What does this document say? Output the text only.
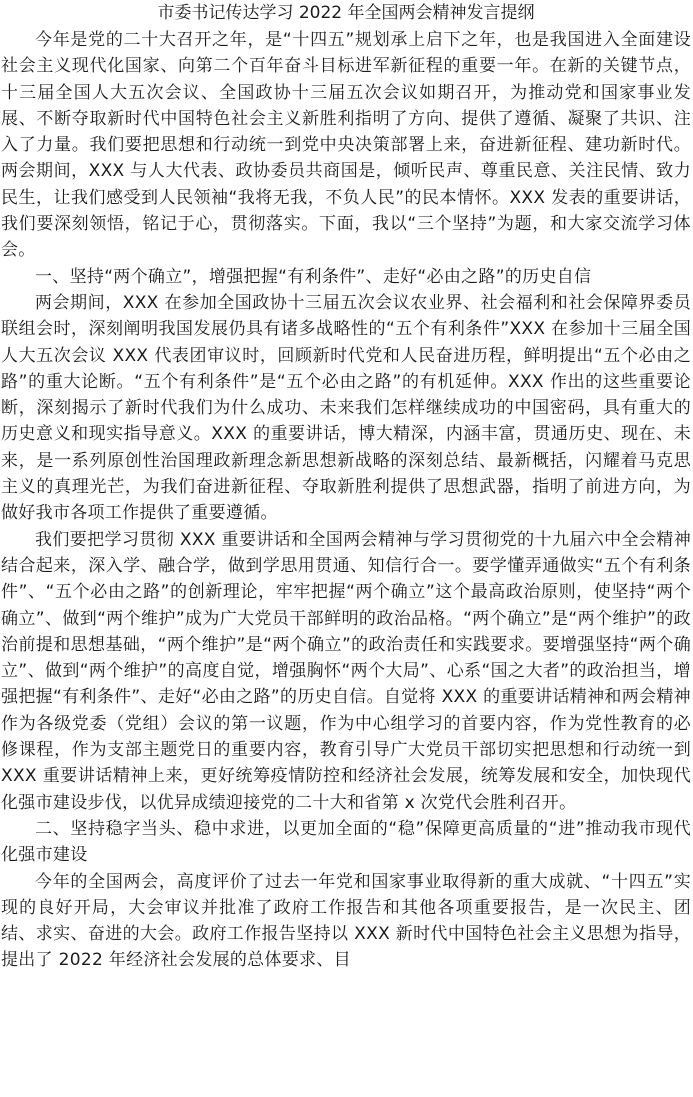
市委书记传达学习 2022 年全国两会精神发言提纲

今年是党的二十大召开之年，是“十四五”规划承上启下之年，也是我国进入全面建设社会主义现代化国家、向第二个百年奋斗目标进军新征程的重要一年。在新的关键节点，十三届全国人大五次会议、全国政协十三届五次会议如期召开，为推动党和国家事业发展、不断夺取新时代中国特色社会主义新胜利指明了方向、提供了遵循、凝聚了共识、注入了力量。我们要把思想和行动统一到党中央决策部署上来，奋进新征程、建功新时代。两会期间，XXX 与人大代表、政协委员共商国是，倾听民声、尊重民意、关注民情、致力民生，让我们感受到人民领袖“我将无我，不负人民”的民本情怀。XXX 发表的重要讲话，我们要深刻领悟，铭记于心，贯彻落实。下面，我以“三个坚持”为题，和大家交流学习体会。

一、坚持“两个确立”，增强把握“有利条件”、走好“必由之路”的历史自信

两会期间，XXX 在参加全国政协十三届五次会议农业界、社会福利和社会保障界委员联组会时，深刻阐明我国发展仍具有诸多战略性的“五个有利条件”XXX 在参加十三届全国人大五次会议 XXX 代表团审议时，回顾新时代党和人民奋进历程，鲜明提出“五个必由之路”的重大论断。“五个有利条件”是“五个必由之路”的有机延伸。XXX 作出的这些重要论断，深刻揭示了新时代我们为什么成功、未来我们怎样继续成功的中国密码，具有重大的历史意义和现实指导意义。XXX 的重要讲话，博大精深，内涵丰富，贯通历史、现在、未来，是一系列原创性治国理政新理念新思想新战略的深刻总结、最新概括，闪耀着马克思主义的真理光芒，为我们奋进新征程、夺取新胜利提供了思想武器，指明了前进方向，为做好我市各项工作提供了重要遵循。

我们要把学习贯彻 XXX 重要讲话和全国两会精神与学习贯彻党的十九届六中全会精神结合起来，深入学、融合学，做到学思用贯通、知信行合一。要学懂弄通做实“五个有利条件”、“五个必由之路”的创新理论，牢牢把握“两个确立”这个最高政治原则，使坚持“两个确立”、做到“两个维护”成为广大党员干部鲜明的政治品格。“两个确立”是“两个维护”的政治前提和思想基础，“两个维护”是“两个确立”的政治责任和实践要求。要增强坚持“两个确立”、做到“两个维护”的高度自觉，增强胸怀“两个大局”、心系“国之大者”的政治担当，增强把握“有利条件”、走好“必由之路”的历史自信。自觉将 XXX 的重要讲话精神和两会精神作为各级党委（党组）会议的第一议题，作为中心组学习的首要内容，作为党性教育的必修课程，作为支部主题党日的重要内容，教育引导广大党员干部切实把思想和行动统一到 XXX 重要讲话精神上来，更好统筹疫情防控和经济社会发展，统筹发展和安全，加快现代化强市建设步伐，以优异成绩迎接党的二十大和省第 x 次党代会胜利召开。

二、坚持稳字当头、稳中求进，以更加全面的“稳”保障更高质量的“进”推动我市现代化强市建设

今年的全国两会，高度评价了过去一年党和国家事业取得新的重大成就、“十四五”实现的良好开局，大会审议并批准了政府工作报告和其他各项重要报告，是一次民主、团结、求实、奋进的大会。政府工作报告坚持以 XXX 新时代中国特色社会主义思想为指导，提出了 2022 年经济社会发展的总体要求、目
